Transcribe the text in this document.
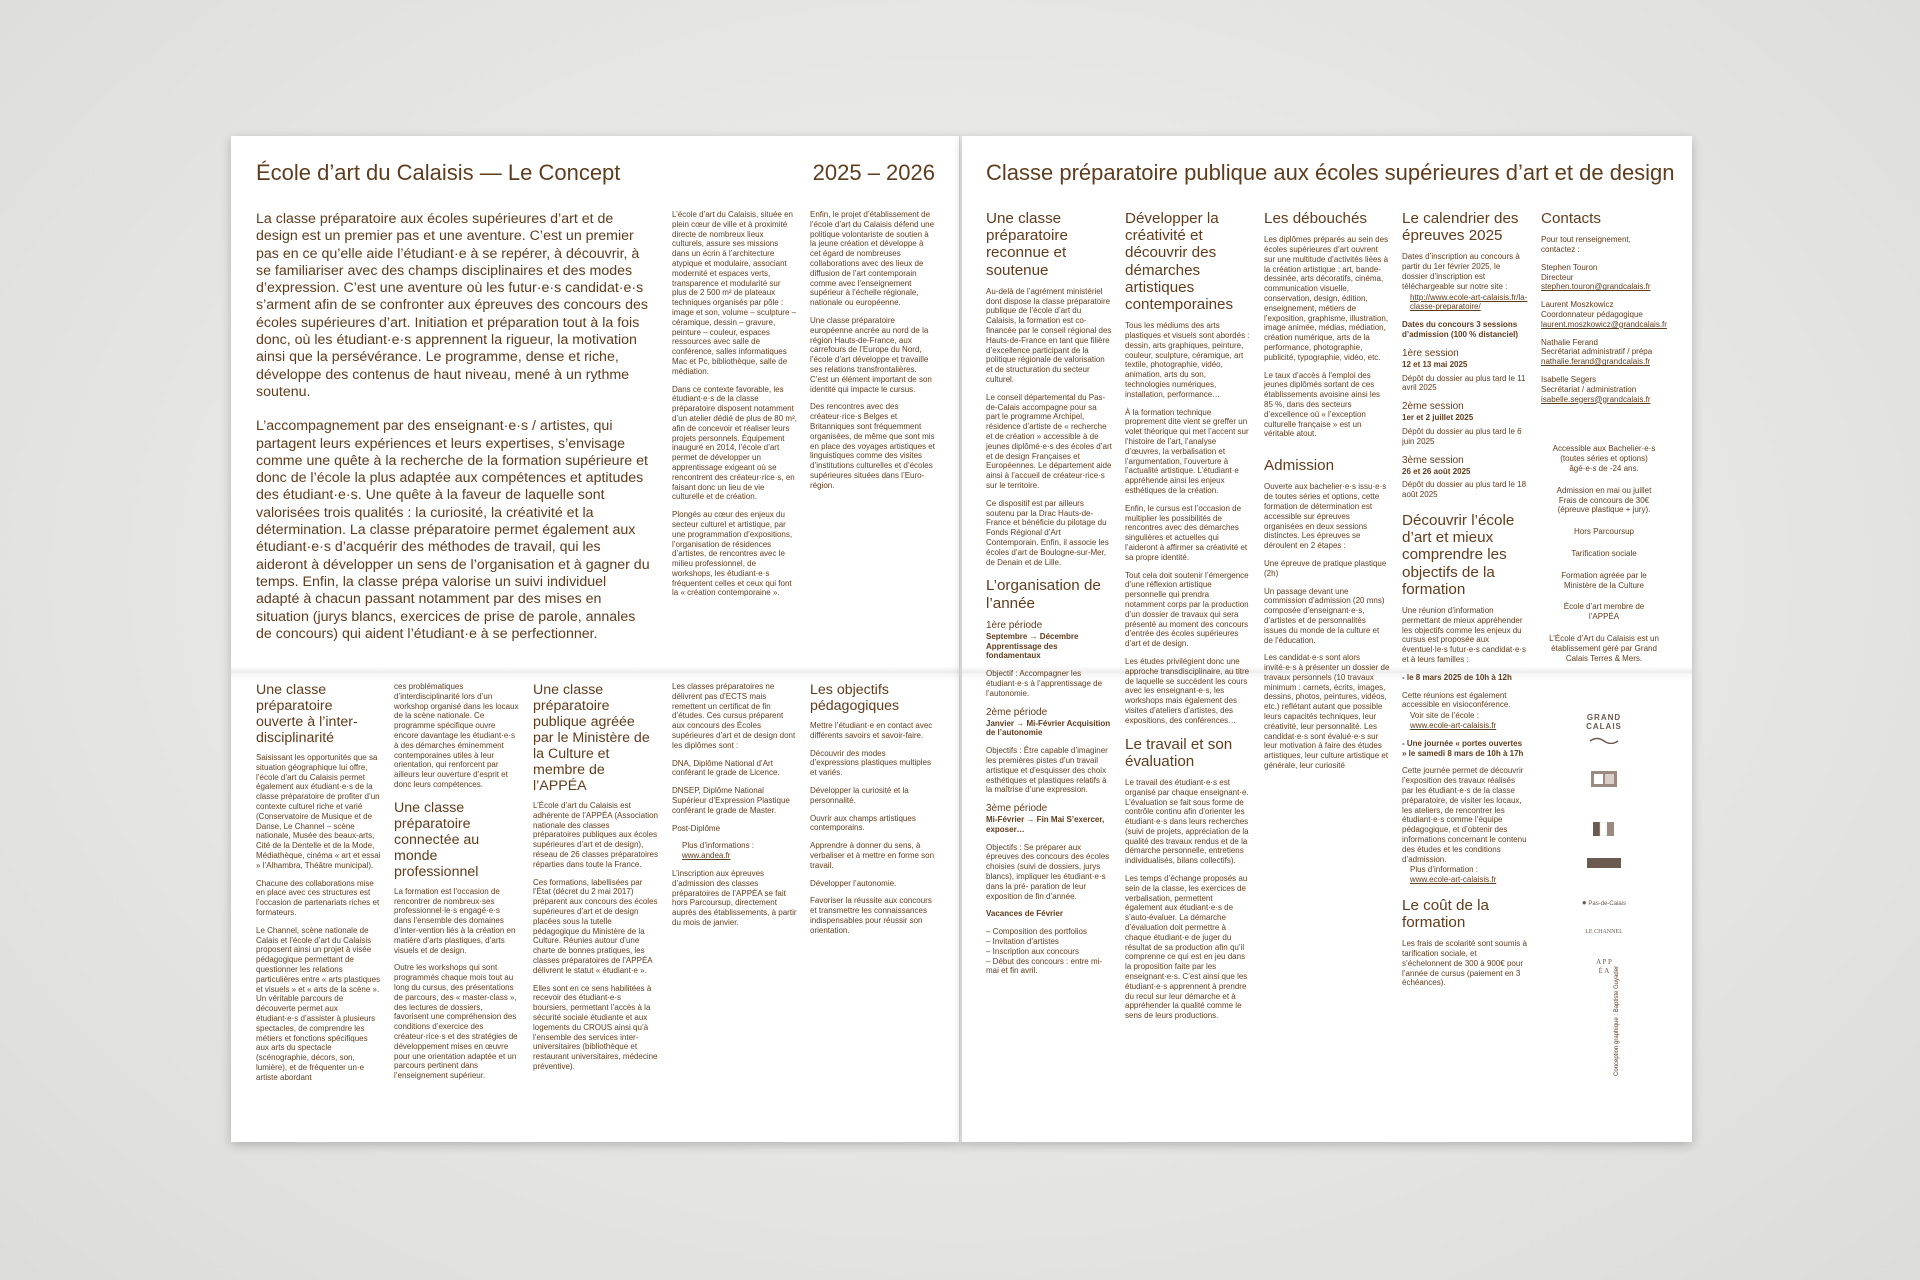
École d’art du Calaisis — Le Concept	2025 – 2026

La classe préparatoire aux écoles supérieures d’art et de design est un premier pas et une aventure. C’est un premier pas en ce qu’elle aide l’étudiant·e à se repérer, à découvrir, à se familiariser avec des champs disciplinaires et des modes d’expression. C’est une aventure où les futur·e·s candidat·e·s s’arment afin de se confronter aux épreuves des concours des écoles supérieures d’art. Initiation et préparation tout à la fois donc, où les étudiant·e·s apprennent la rigueur, la motivation ainsi que la persévérance. Le programme, dense et riche, développe des contenus de haut niveau, mené à un rythme soutenu.

L’accompagnement par des enseignant·e·s / artistes, qui partagent leurs expériences et leurs expertises, s’envisage comme une quête à la recherche de la formation supérieure et donc de l’école la plus adaptée aux compétences et aptitudes des étudiant·e·s. Une quête à la faveur de laquelle sont valorisées trois qualités : la curiosité, la créativité et la détermination. La classe préparatoire permet également aux étudiant·e·s d’acquérir des méthodes de travail, qui les aideront à développer un sens de l’organisation et à gagner du temps. Enfin, la classe prépa valorise un suivi individuel adapté à chacun passant notamment par des mises en situation (jurys blancs, exercices de prise de parole, annales de concours) qui aident l’étudiant·e à se perfectionner.

L’école d’art du Calaisis, située en plein cœur de ville et à proximité directe de nombreux lieux culturels, assure ses missions dans un écrin à l’architecture atypique et modulaire, associant modernité et espaces verts, transparence et modularité sur plus de 2 500 m² de plateaux techniques organisés par pôle : image et son, volume – sculpture – céramique, dessin – gravure, peinture – couleur, espaces ressources avec salle de conférence, salles informatiques Mac et Pc, bibliothèque, salle de médiation.

Dans ce contexte favorable, les étudiant·e·s de la classe préparatoire disposent notamment d’un atelier dédié de plus de 80 m², afin de concevoir et réaliser leurs projets personnels. Équipement inauguré en 2014, l’école d’art permet de développer un apprentissage exigeant où se rencontrent des créateur·rice·s, en faisant donc un lieu de vie culturelle et de création.

Plongés au cœur des enjeux du secteur culturel et artistique, par une programmation d’expositions, l’organisation de résidences d’artistes, de rencontres avec le milieu professionnel, de workshops, les étudiant·e·s fréquentent celles et ceux qui font la « création contemporaine ».

Enfin, le projet d’établissement de l’école d’art du Calaisis défend une politique volontariste de soutien à la jeune création et développe à cet égard de nombreuses collaborations avec des lieux de diffusion de l’art contemporain comme avec l’enseignement supérieur à l’échelle régionale, nationale ou européenne.

Une classe préparatoire européenne ancrée au nord de la région Hauts-de-France, aux carrefours de l’Europe du Nord, l’école d’art développe et travaille ses relations transfrontalières. C’est un élément important de son identité qui impacte le cursus.

Des rencontres avec des créateur·rice·s Belges et Britanniques sont fréquemment organisées, de même que sont mis en place des voyages artistiques et linguistiques comme des visites d’institutions culturelles et d’écoles supérieures situées dans l’Euro-région.

Une classe préparatoire ouverte à l’inter-disciplinarité

Saisissant les opportunités que sa situation géographique lui offre, l’école d’art du Calaisis permet également aux étudiant·e·s de la classe préparatoire de profiter d’un contexte culturel riche et varié (Conservatoire de Musique et de Danse, Le Channel – scène nationale, Musée des beaux-arts, Cité de la Dentelle et de la Mode, Médiathèque, cinéma « art et essai » l’Alhambra, Théâtre municipal).

Chacune des collaborations mise en place avec ces structures est l’occasion de partenariats riches et formateurs.

Le Channel, scène nationale de Calais et l’école d’art du Calaisis proposent ainsi un projet à visée pédagogique permettant de questionner les relations particulières entre « arts plastiques et visuels » et « arts de la scène ». Un véritable parcours de découverte permet aux étudiant·e·s d’assister à plusieurs spectacles, de comprendre les métiers et fonctions spécifiques aux arts du spectacle (scénographie, décors, son, lumière), et de fréquenter un·e artiste abordant

ces problématiques d’interdisciplinarité lors d’un workshop organisé dans les locaux de la scène nationale. Ce programme spécifique ouvre encore davantage les étudiant·e·s à des démarches éminemment contemporaines utiles à leur orientation, qui renforcent par ailleurs leur ouverture d’esprit et donc leurs compétences.

Une classe préparatoire connectée au monde professionnel

La formation est l’occasion de rencontrer de nombreux·ses professionnel·le·s engagé·e·s dans l’ensemble des domaines d’inter-vention liés à la création en matière d’arts plastiques, d’arts visuels et de design.

Outre les workshops qui sont programmés chaque mois tout au long du cursus, des présentations de parcours, des « master-class », des lectures de dossiers, favorisent une compréhension des conditions d’exercice des créateur·rice·s et des stratégies de développement mises en œuvre pour une orientation adaptée et un parcours pertinent dans l’enseignement supérieur.

Une classe préparatoire publique agréée par le Ministère de la Culture et membre de l’APPÉA

L’École d’art du Calaisis est adhérente de l’APPÉA (Association nationale des classes préparatoires publiques aux écoles supérieures d’art et de design), réseau de 26 classes préparatoires réparties dans toute la France.

Ces formations, labellisées par l’État (décret du 2 mai 2017) préparent aux concours des écoles supérieures d’art et de design placées sous la tutelle pédagogique du Ministère de la Culture. Réunies autour d’une charte de bonnes pratiques, les classes préparatoires de l’APPÉA délivrent le statut « étudiant·e ».

Elles sont en ce sens habilitées à recevoir des étudiant·e·s boursiers, permettant l’accès à la sécurité sociale étudiante et aux logements du CROUS ainsi qu’à l’ensemble des services inter-universitaires (bibliothèque et restaurant universitaires, médecine préventive).

Les classes préparatoires ne délivrent pas d’ECTS mais remettent un certificat de fin d’études. Ces cursus préparent aux concours des Écoles supérieures d’art et de design dont les diplômes sont :

DNA, Diplôme National d’Art conférant le grade de Licence.

DNSEP, Diplôme National Supérieur d’Expression Plastique conférant le grade de Master.

Post-Diplôme

Plus d’informations :

www.andea.fr

L’inscription aux épreuves d’admission des classes préparatoires de l’APPÉA se fait hors Parcoursup, directement auprès des établissements, à partir du mois de janvier.

Les objectifs pédagogiques

Mettre l’étudiant·e en contact avec différents savoirs et savoir-faire.

Découvrir des modes d’expressions plastiques multiples et variés.

Développer la curiosité et la personnalité.

Ouvrir aux champs artistiques contemporains.

Apprendre à donner du sens, à verbaliser et à mettre en forme son travail.

Développer l’autonomie.

Favoriser la réussite aux concours et transmettre les connaissances indispensables pour réussir son orientation.

Classe préparatoire publique aux écoles supérieures d’art et de design
Une classe préparatoire reconnue et soutenue

Au-delà de l’agrément ministériel dont dispose la classe préparatoire publique de l’école d’art du Calaisis, la formation est co-financée par le conseil régional des Hauts-de-France en tant que filière d’excellence participant de la politique régionale de valorisation et de structuration du secteur culturel.

Le conseil départemental du Pas-de-Calais accompagne pour sa part le programme Archipel, résidence d’artiste de « recherche et de création » accessible à de jeunes diplômé·e·s des écoles d’art et de design Françaises et Européennes. Le département aide ainsi à l’accueil de créateur·rice·s sur le territoire.

Ce dispositif est par ailleurs soutenu par la Drac Hauts-de-France et bénéficie du pilotage du Fonds Régional d’Art Contemporain. Enfin, il associe les écoles d’art de Boulogne-sur-Mer, de Denain et de Lille.

L’organisation de l’année

1ère période

Septembre → Décembre Apprentissage des fondamentaux

Objectif : Accompagner les étudiant·e·s à l’apprentissage de l’autonomie.

2ème période

Janvier → Mi-Février Acquisition de l’autonomie

Objectifs : Être capable d’imaginer les premières pistes d’un travail artistique et d’esquisser des choix esthétiques et plastiques relatifs à la maîtrise d’une expression.

3ème période

Mi-Février → Fin Mai S’exercer, exposer…

Objectifs : Se préparer aux épreuves des concours des écoles choisies (suivi de dossiers, jurys blancs), impliquer les étudiant·e·s dans la pré- paration de leur exposition de fin d’année.

Vacances de Février

– Composition des portfolios

– Invitation d’artistes

– Inscription aux concours

– Début des concours : entre mi-mai et fin avril.

Développer la créativité et découvrir des démarches artistiques contemporaines

Tous les médiums des arts plastiques et visuels sont abordés : dessin, arts graphiques, peinture, couleur, sculpture, céramique, art textile, photographie, vidéo, animation, arts du son, technologies numériques, installation, performance…

À la formation technique proprement dite vient se greffer un volet théorique qui met l’accent sur l’histoire de l’art, l’analyse d’œuvres, la verbalisation et l’argumentation, l’ouverture à l’actualité artistique. L’étudiant·e appréhende ainsi les enjeux esthétiques de la création.

Enfin, le cursus est l’occasion de multiplier les possibilités de rencontres avec des démarches singulières et actuelles qui l’aideront à affirmer sa créativité et sa propre identité.

Tout cela doit soutenir l’émergence d’une réflexion artistique personnelle qui prendra notamment corps par la production d’un dossier de travaux qui sera présenté au moment des concours d’entrée des écoles supérieures d’art et de design.

Les études privilégient donc une approche transdisciplinaire, au titre de laquelle se succèdent les cours avec les enseignant·e·s, les workshops mais également des visites d’ateliers d’artistes, des expositions, des conférences…

Le travail et son évaluation

Le travail des étudiant·e·s est organisé par chaque enseignant·e. L’évaluation se fait sous forme de contrôle continu afin d’orienter les étudiant·e·s dans leurs recherches (suivi de projets, appréciation de la qualité des travaux rendus et de la démarche personnelle, entretiens individualisés, bilans collectifs).

Les temps d’échange proposés au sein de la classe, les exercices de verbalisation, permettent également aux étudiant·e·s de s’auto-évaluer. La démarche d’évaluation doit permettre à chaque étudiant·e de juger du résultat de sa production afin qu’il comprenne ce qui est en jeu dans la proposition faite par les enseignant·e·s. C’est ainsi que les étudiant·e·s apprennent à prendre du recul sur leur démarche et à appréhender la qualité comme le sens de leurs productions.

Les débouchés

Les diplômes préparés au sein des écoles supérieures d’art ouvrent sur une multitude d’activités liées à la création artistique : art, bande-dessinée, arts décoratifs, cinéma, communication visuelle, conservation, design, édition, enseignement, métiers de l’exposition, graphisme, illustration, image animée, médias, médiation, création numérique, arts de la performance, photographie, publicité, typographie, vidéo, etc.

Le taux d’accès à l’emploi des jeunes diplômés sortant de ces établissements avoisine ainsi les 85 %, dans des secteurs d’excellence où « l’exception culturelle française » est un véritable atout.

Admission

Ouverte aux bachelier·e·s issu·e·s de toutes séries et options, cette formation de détermination est accessible sur épreuves organisées en deux sessions distinctes. Les épreuves se déroulent en 2 étapes :

Une épreuve de pratique plastique (2h)

Un passage devant une commission d’admission (20 mns) composée d’enseignant·e·s, d’artistes et de personnalités issues du monde de la culture et de l’éducation.

Les candidat·e·s sont alors invité·e·s à présenter un dossier de travaux personnels (10 travaux minimum : carnets, écrits, images, dessins, photos, peintures, vidéos, etc.) reflétant autant que possible leurs capacités techniques, leur créativité, leur personnalité. Les candidat·e·s sont évalué·e·s sur leur motivation à faire des études artistiques, leur culture artistique et générale, leur curiosité

Le calendrier des épreuves 2025

Dates d’inscription au concours à partir du 1er février 2025, le dossier d’inscription est téléchargeable sur notre site :

http://www.ecole-art-calaisis.fr/la-classe-preparatoire/

Dates du concours 3 sessions d’admission (100 % distanciel)

1ère session

12 et 13 mai 2025

Dépôt du dossier au plus tard le 11 avril 2025

2ème session

1er et 2 juillet 2025

Dépôt du dossier au plus tard le 6 juin 2025

3ème session

26 et 26 août 2025

Dépôt du dossier au plus tard le 18 août 2025

Découvrir l’école d’art et mieux comprendre les objectifs de la formation

Une réunion d’information permettant de mieux appréhender les objectifs comme les enjeux du cursus est proposée aux éventuel·le·s futur·e·s candidat·e·s et à leurs familles :

- le 8 mars 2025 de 10h à 12h

Cette réunions est également accessible en visioconférence.

Voir site de l’école :

www.ecole-art-calaisis.fr

- Une journée « portes ouvertes » le samedi 8 mars de 10h à 17h

Cette journée permet de découvrir l’exposition des travaux réalisés par les étudiant·e·s de la classe préparatoire, de visiter les locaux, les ateliers, de rencontrer les étudiant·e·s comme l’équipe pédagogique, et d’obtenir des informations concernant le contenu des études et les conditions d’admission.

Plus d’information :

www.ecole-art-calaisis.fr

Le coût de la formation

Les frais de scolarité sont soumis à tarification sociale, et s’échelonnent de 300 à 900€ pour l’année de cursus (paiement en 3 échéances).

Contacts

Pour tout renseignement, contactez :

Stephen Touron

Directeur

stephen.touron@grandcalais.fr

Laurent Moszkowicz

Coordonnateur pédagogique

laurent.moszkowicz@grandcalais.fr

Nathalie Ferand

Secrétariat administratif / prépa

nathalie.ferand@grandcalais.fr

Isabelle Segers

Secrétariat / administration

isabelle.segers@grandcalais.fr

Accessible aux Bachelier·e·s (toutes séries et options) âgé·e·s de -24 ans.

Admission en mai ou juillet Frais de concours de 30€ (épreuve plastique + jury).

Hors Parcoursup

Tarification sociale

Formation agréée par le Ministère de la Culture

École d’art membre de l’APPÉA

L’École d’Art du Calaisis est un établissement géré par Grand Calais Terres & Mers.

GRAND
CALAIS
● Pas-de-Calais
LE CHANNEL
A P P É A Conception graphique : Baptiste Guyader
